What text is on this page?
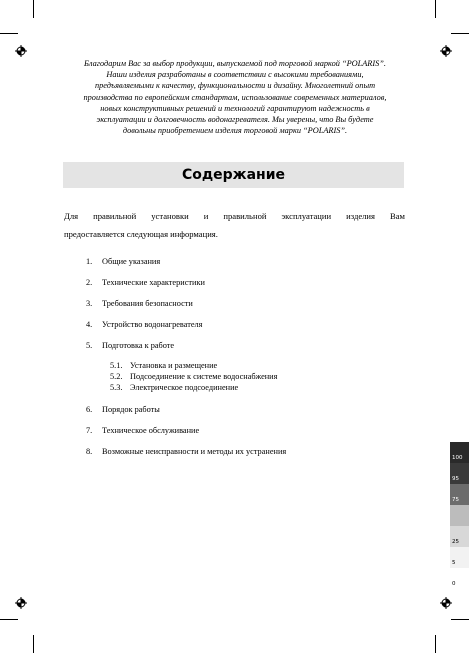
Благодарим Вас за выбор продукции, выпускаемой под торговой маркой “POLARIS”.
Наши изделия разработаны в соответствии с высокими требованиями,
предъявляемыми к качеству, функциональности и дизайну. Многолетний опыт
производства по европейским стандартам, использование современных материалов,
новых конструктивных решений и технологий гарантируют надежность в
эксплуатации и долговечность водонагревателя. Мы уверены, что Вы будете
довольны приобретением изделия торговой марки “POLARIS”.
Содержание
Для правильной установки и правильной эксплуатации изделия Вам
предоставляется следующая информация.
1. Общие указания
2. Технические характеристики
3. Требования безопасности
4. Устройство водонагревателя
5. Подготовка к работе
5.1. Установка и размещение
5.2. Подсоединение к системе водоснабжения
5.3. Электрическое подсоединение
6. Порядок работы
7. Техническое обслуживание
8. Возможные неисправности и методы их устранения
100
95
75
25
5
0
